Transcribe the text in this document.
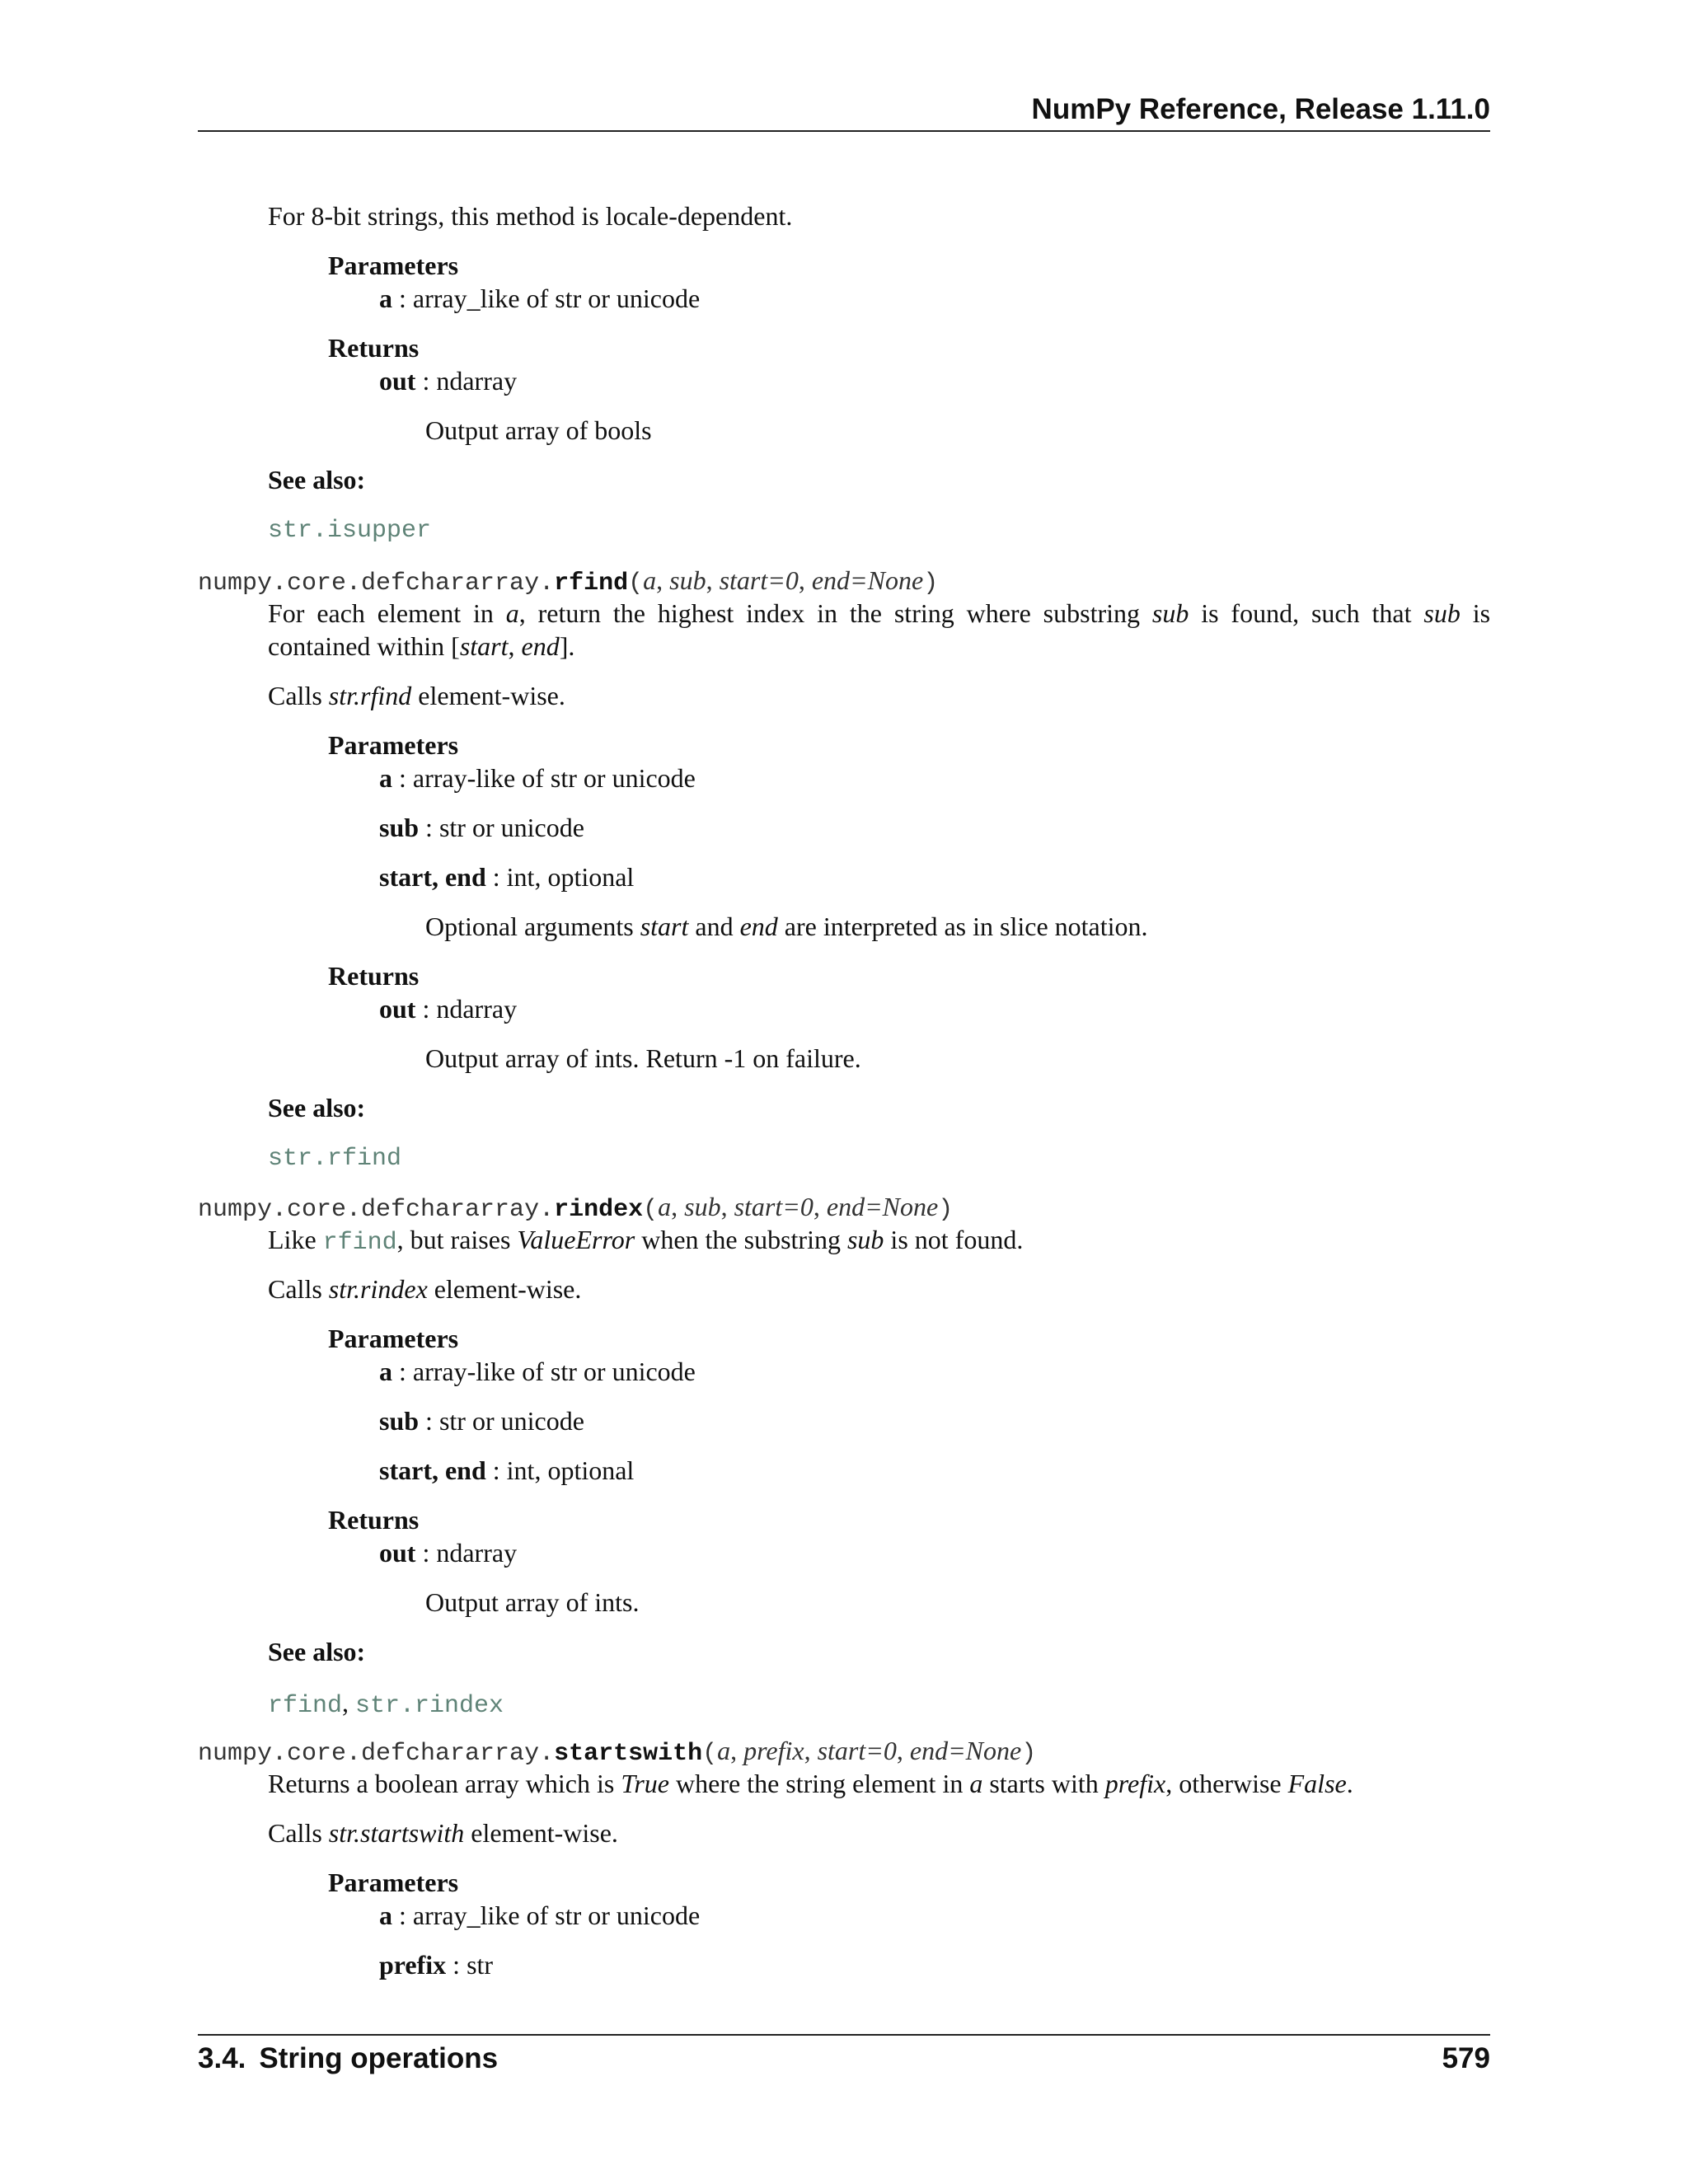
NumPy Reference, Release 1.11.0
For 8-bit strings, this method is locale-dependent.
Parameters
a : array_like of str or unicode
Returns
out : ndarray
Output array of bools
See also:
str.isupper
numpy.core.defchararray.rfind(a, sub, start=0, end=None)
For each element in a, return the highest index in the string where substring sub is found, such that sub is
contained within [start, end].
Calls str.rfind element-wise.
Parameters
a : array-like of str or unicode
sub : str or unicode
start, end : int, optional
Optional arguments start and end are interpreted as in slice notation.
Returns
out : ndarray
Output array of ints. Return -1 on failure.
See also:
str.rfind
numpy.core.defchararray.rindex(a, sub, start=0, end=None)
Like rfind, but raises ValueError when the substring sub is not found.
Calls str.rindex element-wise.
Parameters
a : array-like of str or unicode
sub : str or unicode
start, end : int, optional
Returns
out : ndarray
Output array of ints.
See also:
rfind, str.rindex
numpy.core.defchararray.startswith(a, prefix, start=0, end=None)
Returns a boolean array which is True where the string element in a starts with prefix, otherwise False.
Calls str.startswith element-wise.
Parameters
a : array_like of str or unicode
prefix : str
3.4. String operations	579
